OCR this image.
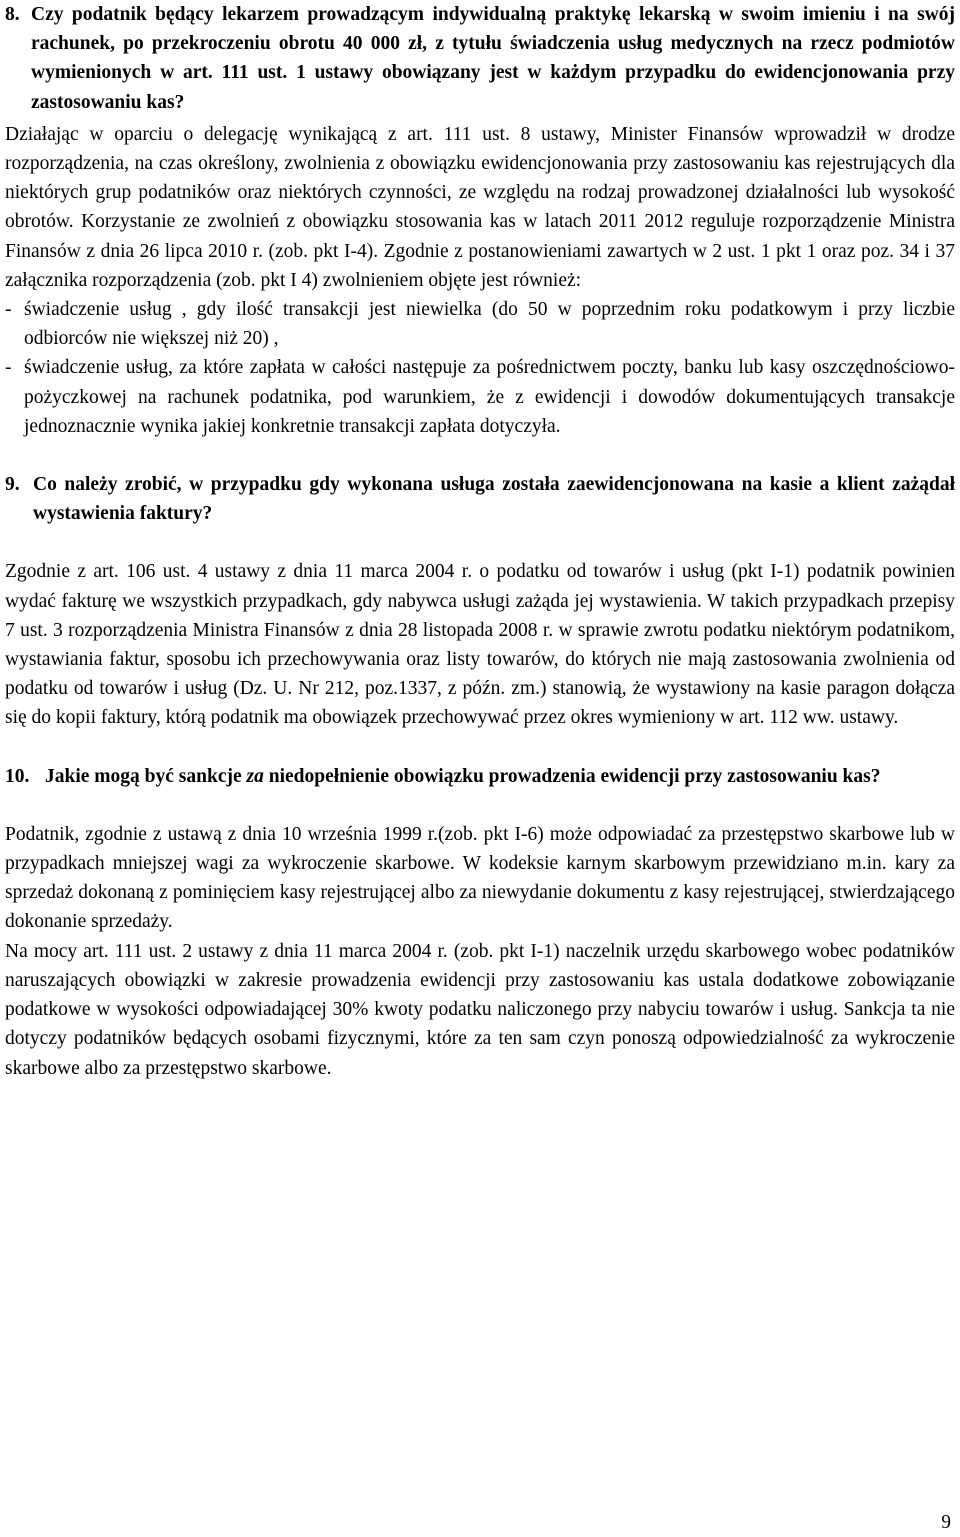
8. Czy podatnik będący lekarzem prowadzącym indywidualną praktykę lekarską w swoim imieniu i na swój rachunek, po przekroczeniu obrotu 40 000 zł, z tytułu świadczenia usług medycznych na rzecz podmiotów wymienionych w art. 111 ust. 1 ustawy obowiązany jest w każdym przypadku do ewidencjonowania przy zastosowaniu kas?

Działając w oparciu o delegację wynikającą z art. 111 ust. 8 ustawy, Minister Finansów wprowadził w drodze rozporządzenia, na czas określony, zwolnienia z obowiązku ewidencjonowania przy zastosowaniu kas rejestrujących dla niektórych grup podatników oraz niektórych czynności, ze względu na rodzaj prowadzonej działalności lub wysokość obrotów. Korzystanie ze zwolnień z obowiązku stosowania kas w latach 2011 2012 reguluje rozporządzenie Ministra Finansów z dnia 26 lipca 2010 r. (zob. pkt I-4). Zgodnie z postanowieniami zawartych w 2 ust. 1 pkt 1 oraz poz. 34 i 37 załącznika rozporządzenia (zob. pkt I 4) zwolnieniem objęte jest również:

- świadczenie usług , gdy ilość transakcji jest niewielka (do 50 w poprzednim roku podatkowym i przy liczbie odbiorców nie większej niż 20) ,
- świadczenie usług, za które zapłata w całości następuje za pośrednictwem poczty, banku lub kasy oszczędnościowo-pożyczkowej na rachunek podatnika, pod warunkiem, że z ewidencji i dowodów dokumentujących transakcje jednoznacznie wynika jakiej konkretnie transakcji zapłata dotyczyła.
9. Co należy zrobić, w przypadku gdy wykonana usługa została zaewidencjonowana na kasie a klient zażądał wystawienia faktury?

Zgodnie z art. 106 ust. 4 ustawy z dnia 11 marca 2004 r. o podatku od towarów i usług (pkt I-1) podatnik powinien wydać fakturę we wszystkich przypadkach, gdy nabywca usługi zażąda jej wystawienia. W takich przypadkach przepisy 7 ust. 3 rozporządzenia Ministra Finansów z dnia 28 listopada 2008 r. w sprawie zwrotu podatku niektórym podatnikom, wystawiania faktur, sposobu ich przechowywania oraz listy towarów, do których nie mają zastosowania zwolnienia od podatku od towarów i usług (Dz. U. Nr 212, poz.1337, z późn. zm.) stanowią, że wystawiony na kasie paragon dołącza się do kopii faktury, którą podatnik ma obowiązek przechowywać przez okres wymieniony w art. 112 ww. ustawy.

10. Jakie mogą być sankcje za niedopełnienie obowiązku prowadzenia ewidencji przy zastosowaniu kas?

Podatnik, zgodnie z ustawą z dnia 10 września 1999 r.(zob. pkt I-6) może odpowiadać za przestępstwo skarbowe lub w przypadkach mniejszej wagi za wykroczenie skarbowe. W kodeksie karnym skarbowym przewidziano m.in. kary za sprzedaż dokonaną z pominięciem kasy rejestrującej albo za niewydanie dokumentu z kasy rejestrującej, stwierdzającego dokonanie sprzedaży.

Na mocy art. 111 ust. 2 ustawy z dnia 11 marca 2004 r. (zob. pkt I-1) naczelnik urzędu skarbowego wobec podatników naruszających obowiązki w zakresie prowadzenia ewidencji przy zastosowaniu kas ustala dodatkowe zobowiązanie podatkowe w wysokości odpowiadającej 30% kwoty podatku naliczonego przy nabyciu towarów i usług. Sankcja ta nie dotyczy podatników będących osobami fizycznymi, które za ten sam czyn ponoszą odpowiedzialność za wykroczenie skarbowe albo za przestępstwo skarbowe.

9
